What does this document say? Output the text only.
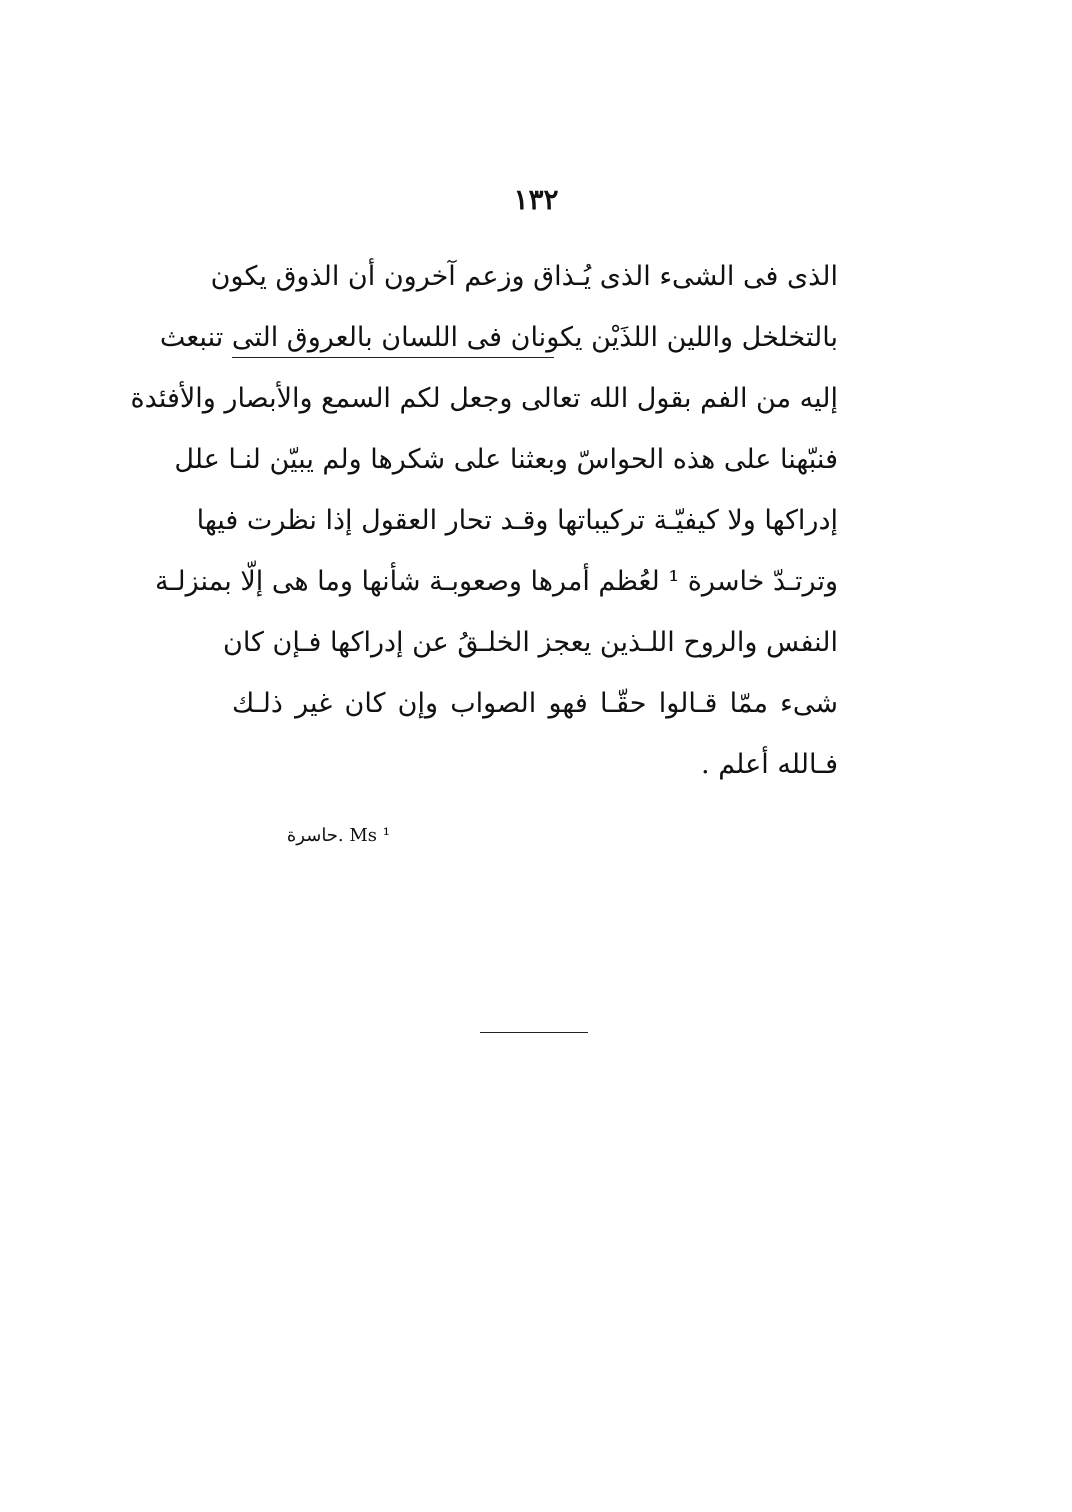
١٣٢
الذى فى الشىء الذى يُـذاق وزعم آخرون أن الذوق يكون
بالتخلخل واللين اللذَيْن يكونان فى اللسان بالعروق التى تنبعث
إليه من الفم بقول الله تعالى وجعل لكم السمع والأبصار والأفئدة
فنبّهنا على هذه الحواسّ وبعثنا على شكرها ولم يبيّن لنـا علل
إدراكها ولا كيفيّـة تركيباتها وقـد تحار العقول إذا نظرت فيها
وترتـدّ خاسرة ¹ لعُظم أمرها وصعوبـة شأنها وما هى إلّا بمنزلـة
النفس والروح اللـذين يعجز الخلـقُ عن إدراكها فـإن كان
شىء ممّا قـالوا حقّـا فهو الصواب وإن كان غير ذلـك
فـالله أعلم .
¹ Ms .حاسرة
